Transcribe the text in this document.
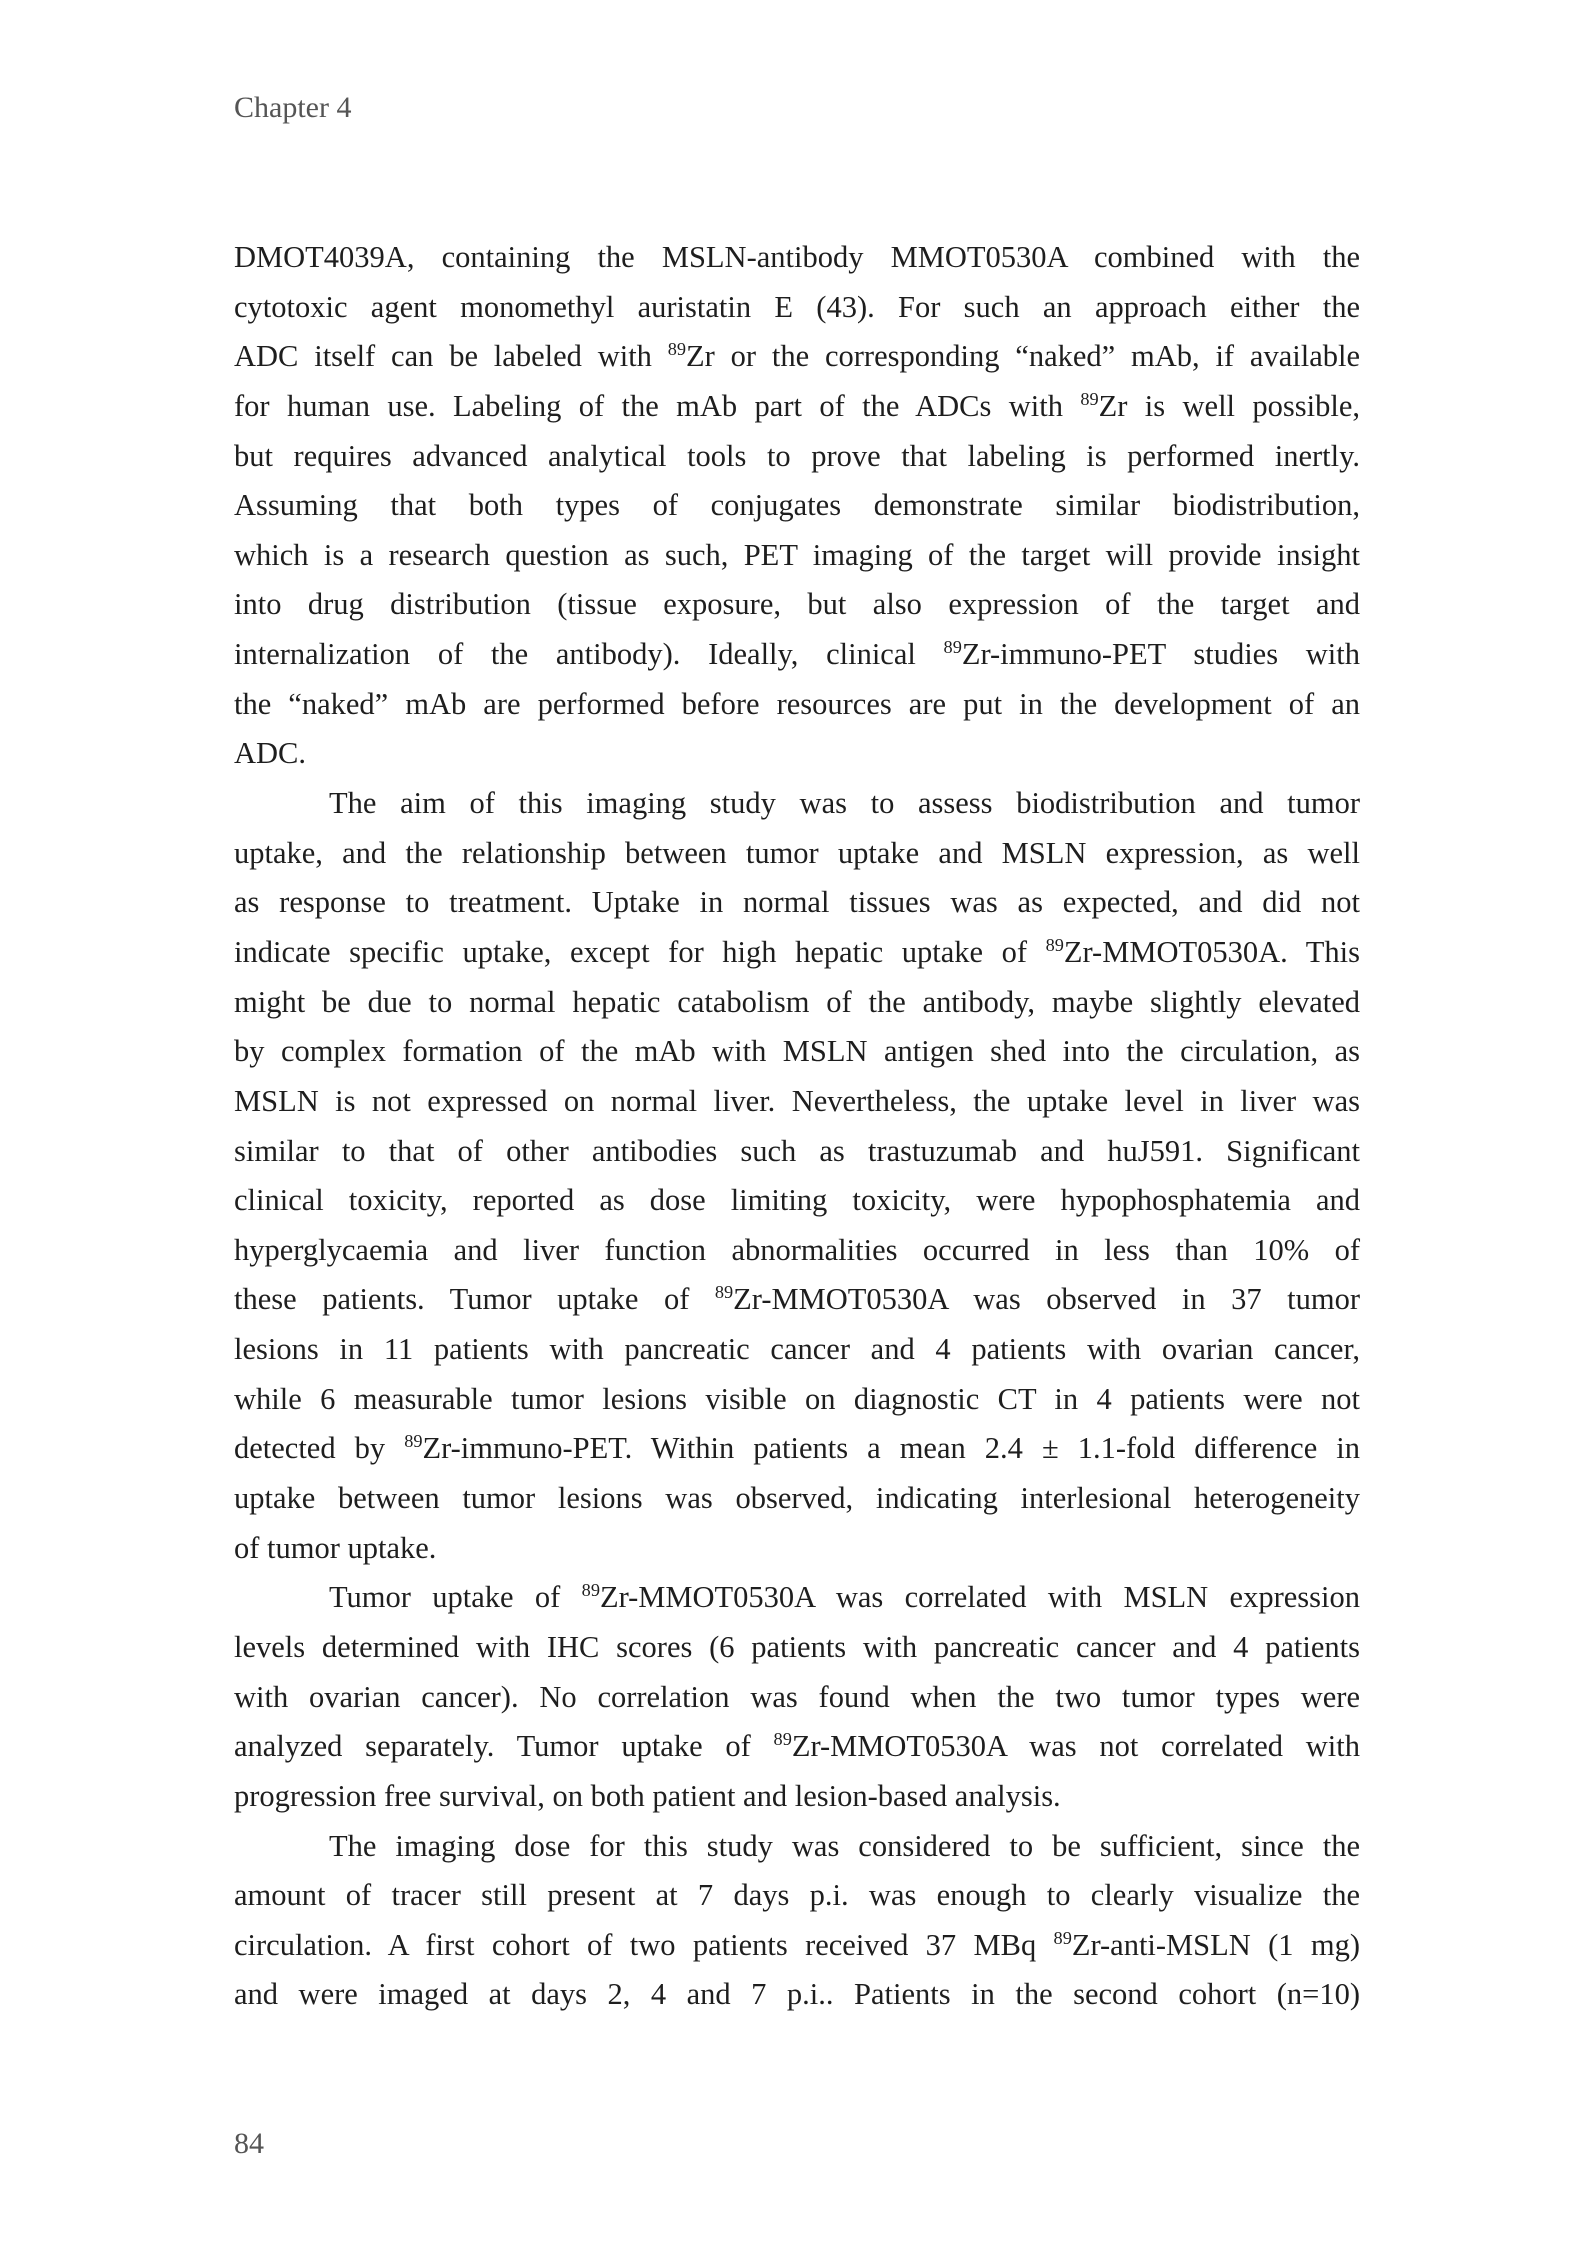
Chapter 4
DMOT4039A, containing the MSLN-antibody MMOT0530A combined with the
cytotoxic agent monomethyl auristatin E (43). For such an approach either the
ADC itself can be labeled with $^{89}$Zr or the corresponding “naked” mAb, if available
for human use. Labeling of the mAb part of the ADCs with $^{89}$Zr is well possible,
but requires advanced analytical tools to prove that labeling is performed inertly.
Assuming that both types of conjugates demonstrate similar biodistribution,
which is a research question as such, PET imaging of the target will provide insight
into drug distribution (tissue exposure, but also expression of the target and
internalization of the antibody). Ideally, clinical $^{89}$Zr-immuno-PET studies with
the “naked” mAb are performed before resources are put in the development of an
ADC.
The aim of this imaging study was to assess biodistribution and tumor
uptake, and the relationship between tumor uptake and MSLN expression, as well
as response to treatment. Uptake in normal tissues was as expected, and did not
indicate specific uptake, except for high hepatic uptake of $^{89}$Zr-MMOT0530A. This
might be due to normal hepatic catabolism of the antibody, maybe slightly elevated
by complex formation of the mAb with MSLN antigen shed into the circulation, as
MSLN is not expressed on normal liver. Nevertheless, the uptake level in liver was
similar to that of other antibodies such as trastuzumab and huJ591. Significant
clinical toxicity, reported as dose limiting toxicity, were hypophosphatemia and
hyperglycaemia and liver function abnormalities occurred in less than 10% of
these patients. Tumor uptake of $^{89}$Zr-MMOT0530A was observed in 37 tumor
lesions in 11 patients with pancreatic cancer and 4 patients with ovarian cancer,
while 6 measurable tumor lesions visible on diagnostic CT in 4 patients were not
detected by $^{89}$Zr-immuno-PET. Within patients a mean 2.4 ± 1.1-fold difference in
uptake between tumor lesions was observed, indicating interlesional heterogeneity
of tumor uptake.
Tumor uptake of $^{89}$Zr-MMOT0530A was correlated with MSLN expression
levels determined with IHC scores (6 patients with pancreatic cancer and 4 patients
with ovarian cancer). No correlation was found when the two tumor types were
analyzed separately. Tumor uptake of $^{89}$Zr-MMOT0530A was not correlated with
progression free survival, on both patient and lesion-based analysis.
The imaging dose for this study was considered to be sufficient, since the
amount of tracer still present at 7 days p.i. was enough to clearly visualize the
circulation. A first cohort of two patients received 37 MBq $^{89}$Zr-anti-MSLN (1 mg)
and were imaged at days 2, 4 and 7 p.i.. Patients in the second cohort (n=10)
84
